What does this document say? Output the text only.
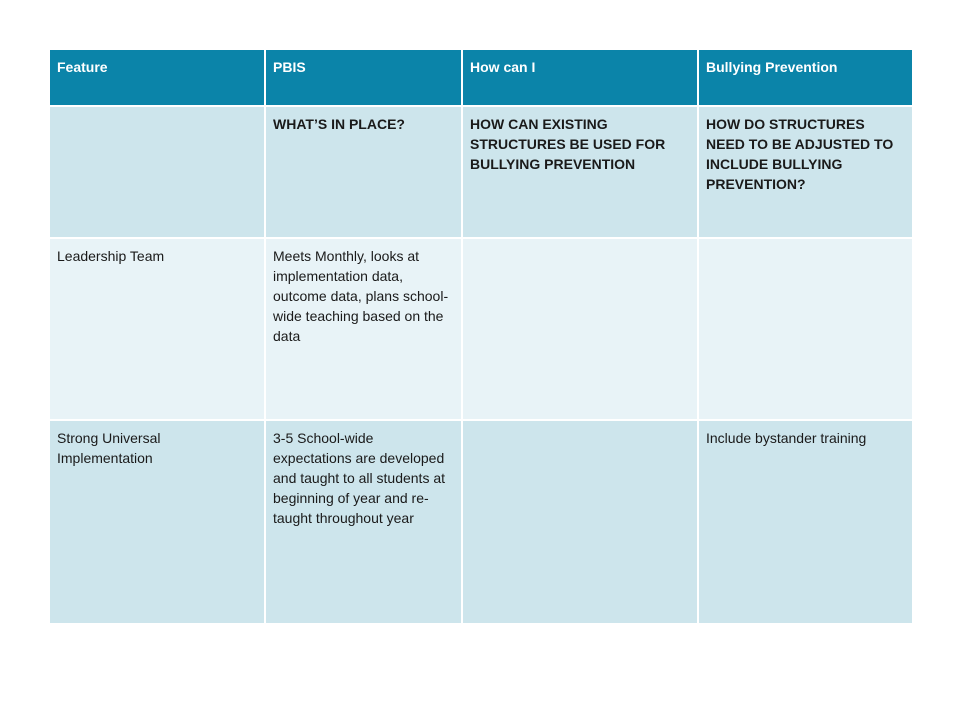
Feature	PBIS	How can I	Bullying Prevention
	WHAT’S IN PLACE?	HOW CAN EXISTING STRUCTURES BE USED FOR BULLYING PREVENTION	HOW DO STRUCTURES NEED TO BE ADJUSTED TO INCLUDE BULLYING PREVENTION?
Leadership Team	Meets Monthly, looks at implementation data, outcome data, plans school-wide teaching based on the data		
Strong Universal Implementation	3-5 School-wide expectations are developed and taught to all students at beginning of year and re-taught throughout year		Include bystander training
